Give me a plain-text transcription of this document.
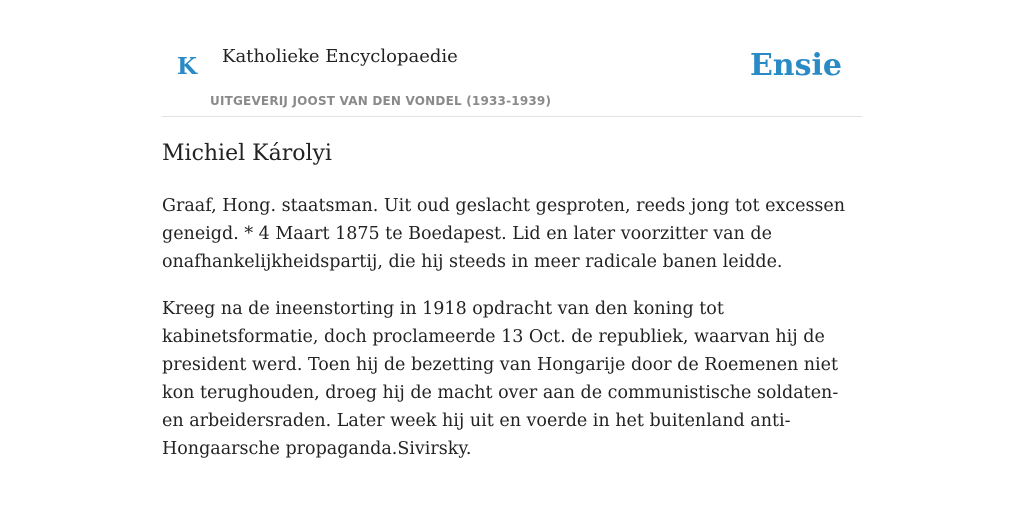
K Katholieke Encyclopaedie
UITGEVERIJ JOOST VAN DEN VONDEL (1933-1939)
Ensie
Michiel Károlyi

Graaf, Hong. staatsman. Uit oud geslacht gesproten, reeds jong tot excessen geneigd. * 4 Maart 1875 te Boedapest. Lid en later voorzitter van de onafhankelijkheidspartij, die hij steeds in meer radicale banen leidde.

Kreeg na de ineenstorting in 1918 opdracht van den koning tot kabinetsformatie, doch proclameerde 13 Oct. de republiek, waarvan hij de president werd. Toen hij de bezetting van Hongarije door de Roemenen niet kon terughouden, droeg hij de macht over aan de communistische soldaten- en arbeidersraden. Later week hij uit en voerde in het buitenland anti-Hongaarsche propaganda.Sivirsky.
